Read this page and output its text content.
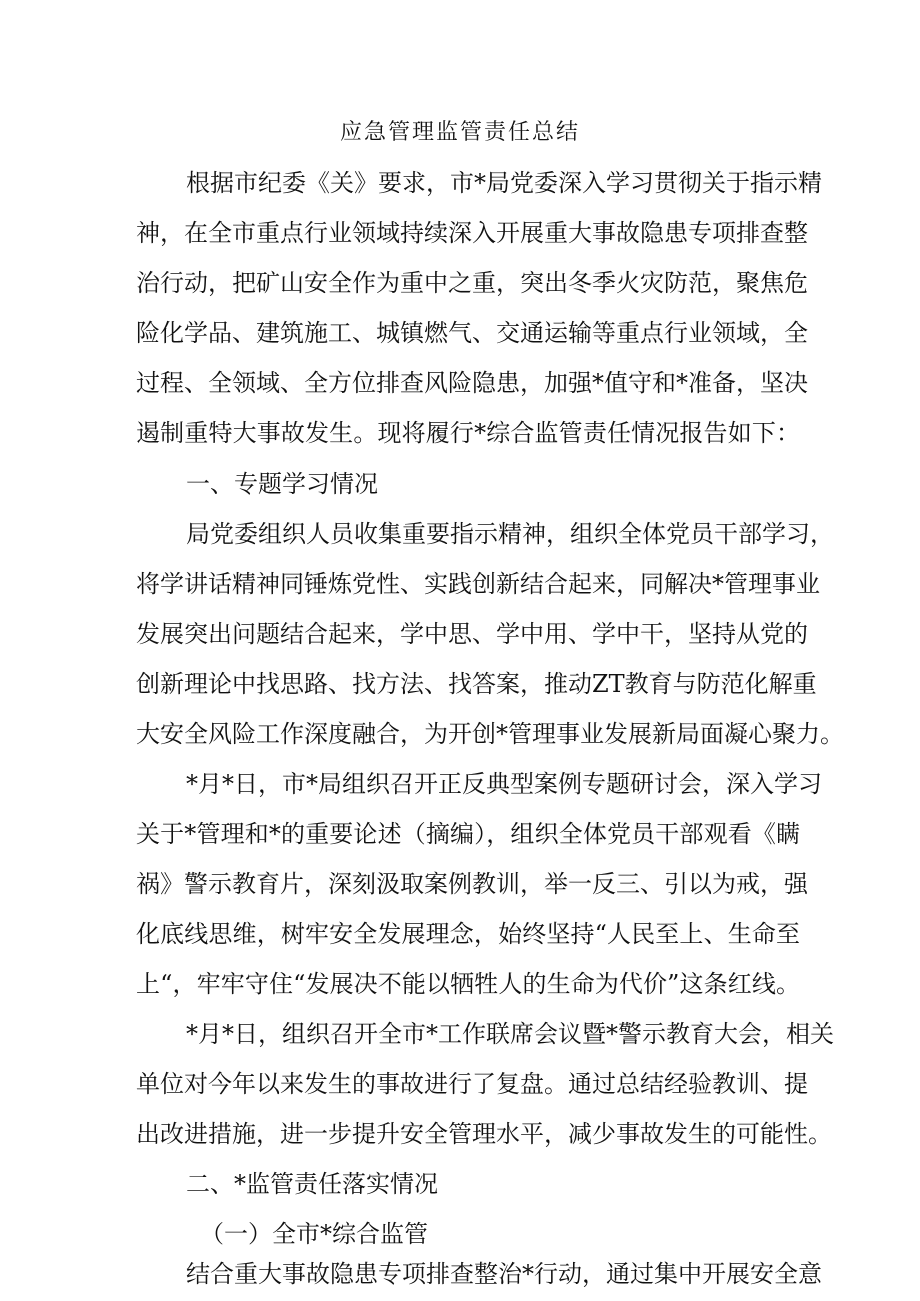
应急管理监管责任总结
根据市纪委《关》要求，市*局党委深入学习贯彻关于指示精
神，在全市重点行业领域持续深入开展重大事故隐患专项排查整
治行动，把矿山安全作为重中之重，突出冬季火灾防范，聚焦危
险化学品、建筑施工、城镇燃气、交通运输等重点行业领域，全
过程、全领域、全方位排查风险隐患，加强*值守和*准备，坚决
遏制重特大事故发生。现将履行*综合监管责任情况报告如下：
一、专题学习情况
局党委组织人员收集重要指示精神，组织全体党员干部学习，
将学讲话精神同锤炼党性、实践创新结合起来，同解决*管理事业
发展突出问题结合起来，学中思、学中用、学中干，坚持从党的
创新理论中找思路、找方法、找答案，推动ZT教育与防范化解重
大安全风险工作深度融合，为开创*管理事业发展新局面凝心聚力。
*月*日，市*局组织召开正反典型案例专题研讨会，深入学习
关于*管理和*的重要论述（摘编），组织全体党员干部观看《瞒
祸》警示教育片，深刻汲取案例教训，举一反三、引以为戒，强
化底线思维，树牢安全发展理念，始终坚持“人民至上、生命至
上“，牢牢守住“发展决不能以牺牲人的生命为代价”这条红线。
*月*日，组织召开全市*工作联席会议暨*警示教育大会，相关
单位对今年以来发生的事故进行了复盘。通过总结经验教训、提
出改进措施，进一步提升安全管理水平，减少事故发生的可能性。
二、*监管责任落实情况
（一）全市*综合监管
结合重大事故隐患专项排查整治*行动，通过集中开展安全意
